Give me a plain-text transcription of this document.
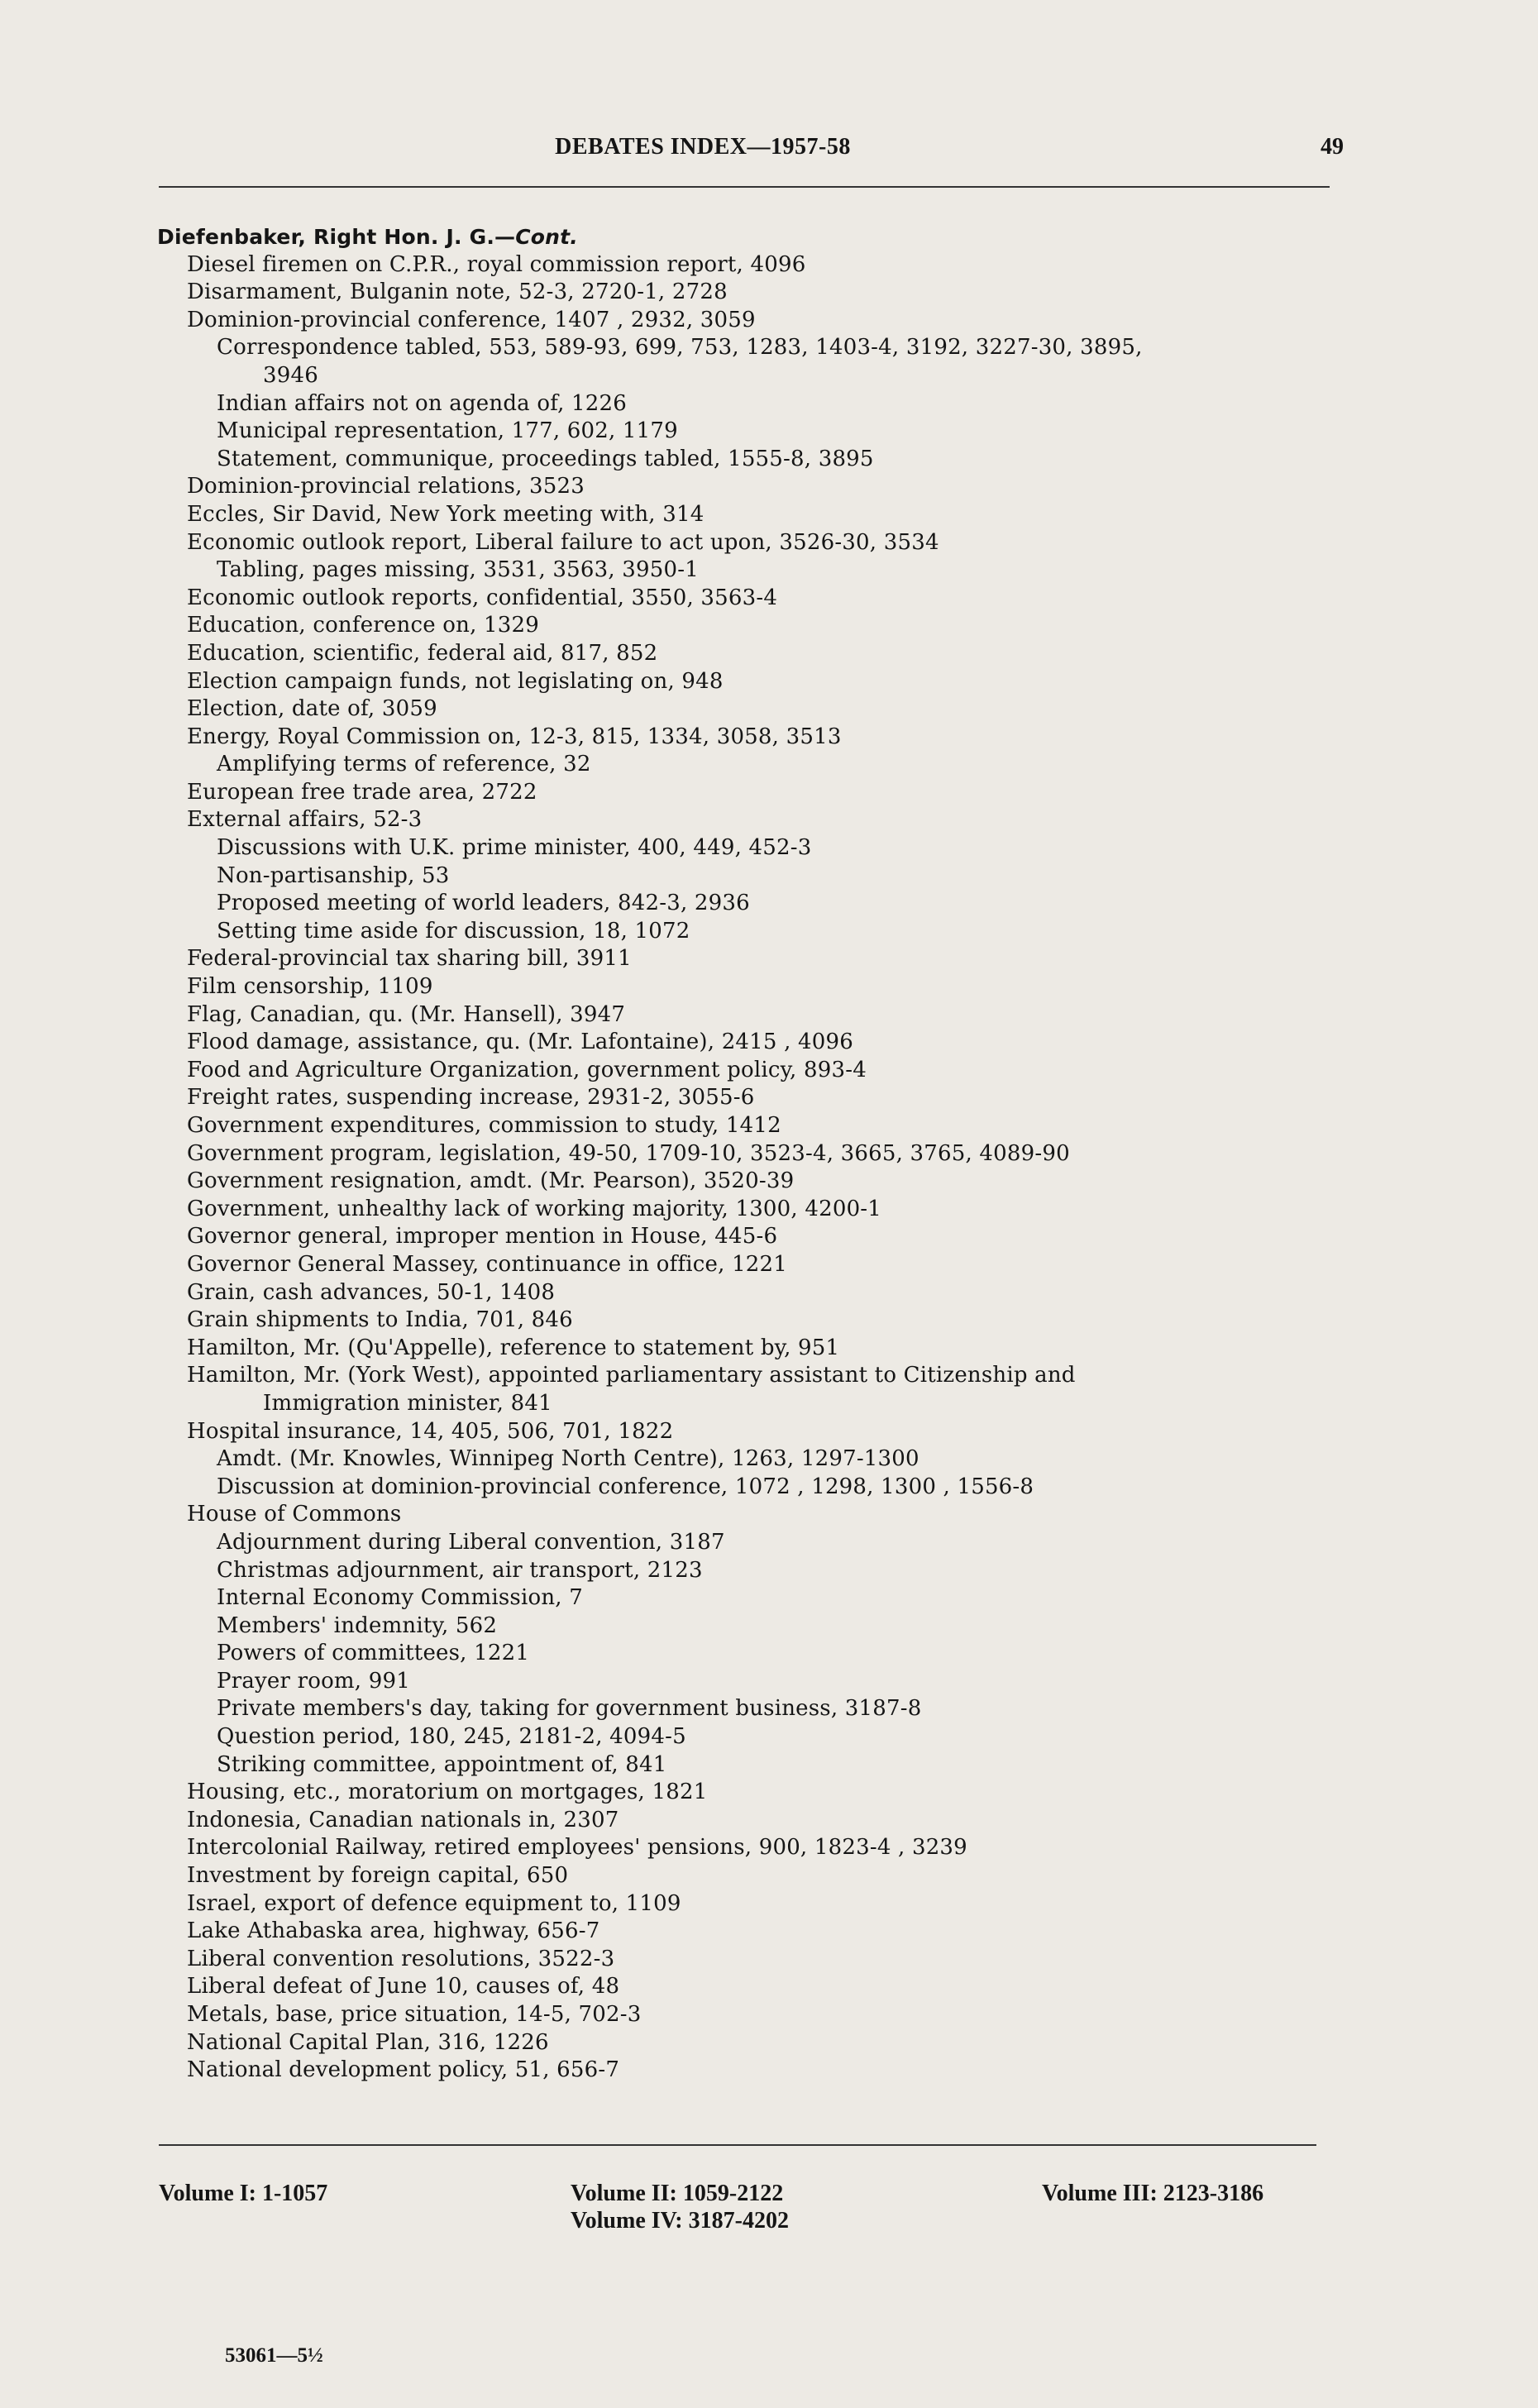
DEBATES INDEX—1957-58	49
Diefenbaker, Right Hon. J. G.—Cont.
Diesel firemen on C.P.R., royal commission report, 4096
Disarmament, Bulganin note, 52-3, 2720-1, 2728
Dominion-provincial conference, 1407 , 2932, 3059
Correspondence tabled, 553, 589-93, 699, 753, 1283, 1403-4, 3192, 3227-30, 3895,
3946
Indian affairs not on agenda of, 1226
Municipal representation, 177, 602, 1179
Statement, communique, proceedings tabled, 1555-8, 3895
Dominion-provincial relations, 3523
Eccles, Sir David, New York meeting with, 314
Economic outlook report, Liberal failure to act upon, 3526-30, 3534
Tabling, pages missing, 3531, 3563, 3950-1
Economic outlook reports, confidential, 3550, 3563-4
Education, conference on, 1329
Education, scientific, federal aid, 817, 852
Election campaign funds, not legislating on, 948
Election, date of, 3059
Energy, Royal Commission on, 12-3, 815, 1334, 3058, 3513
Amplifying terms of reference, 32
European free trade area, 2722
External affairs, 52-3
Discussions with U.K. prime minister, 400, 449, 452-3
Non-partisanship, 53
Proposed meeting of world leaders, 842-3, 2936
Setting time aside for discussion, 18, 1072
Federal-provincial tax sharing bill, 3911
Film censorship, 1109
Flag, Canadian, qu. (Mr. Hansell), 3947
Flood damage, assistance, qu. (Mr. Lafontaine), 2415 , 4096
Food and Agriculture Organization, government policy, 893-4
Freight rates, suspending increase, 2931-2, 3055-6
Government expenditures, commission to study, 1412
Government program, legislation, 49-50, 1709-10, 3523-4, 3665, 3765, 4089-90
Government resignation, amdt. (Mr. Pearson), 3520-39
Government, unhealthy lack of working majority, 1300, 4200-1
Governor general, improper mention in House, 445-6
Governor General Massey, continuance in office, 1221
Grain, cash advances, 50-1, 1408
Grain shipments to India, 701, 846
Hamilton, Mr. (Qu'Appelle), reference to statement by, 951
Hamilton, Mr. (York West), appointed parliamentary assistant to Citizenship and
Immigration minister, 841
Hospital insurance, 14, 405, 506, 701, 1822
Amdt. (Mr. Knowles, Winnipeg North Centre), 1263, 1297-1300
Discussion at dominion-provincial conference, 1072 , 1298, 1300 , 1556-8
House of Commons
Adjournment during Liberal convention, 3187
Christmas adjournment, air transport, 2123
Internal Economy Commission, 7
Members' indemnity, 562
Powers of committees, 1221
Prayer room, 991
Private members's day, taking for government business, 3187-8
Question period, 180, 245, 2181-2, 4094-5
Striking committee, appointment of, 841
Housing, etc., moratorium on mortgages, 1821
Indonesia, Canadian nationals in, 2307
Intercolonial Railway, retired employees' pensions, 900, 1823-4 , 3239
Investment by foreign capital, 650
Israel, export of defence equipment to, 1109
Lake Athabaska area, highway, 656-7
Liberal convention resolutions, 3522-3
Liberal defeat of June 10, causes of, 48
Metals, base, price situation, 14-5, 702-3
National Capital Plan, 316, 1226
National development policy, 51, 656-7
Volume I: 1-1057	Volume II: 1059-2122
Volume IV: 3187-4202
Volume III: 2123-3186
53061—5½
